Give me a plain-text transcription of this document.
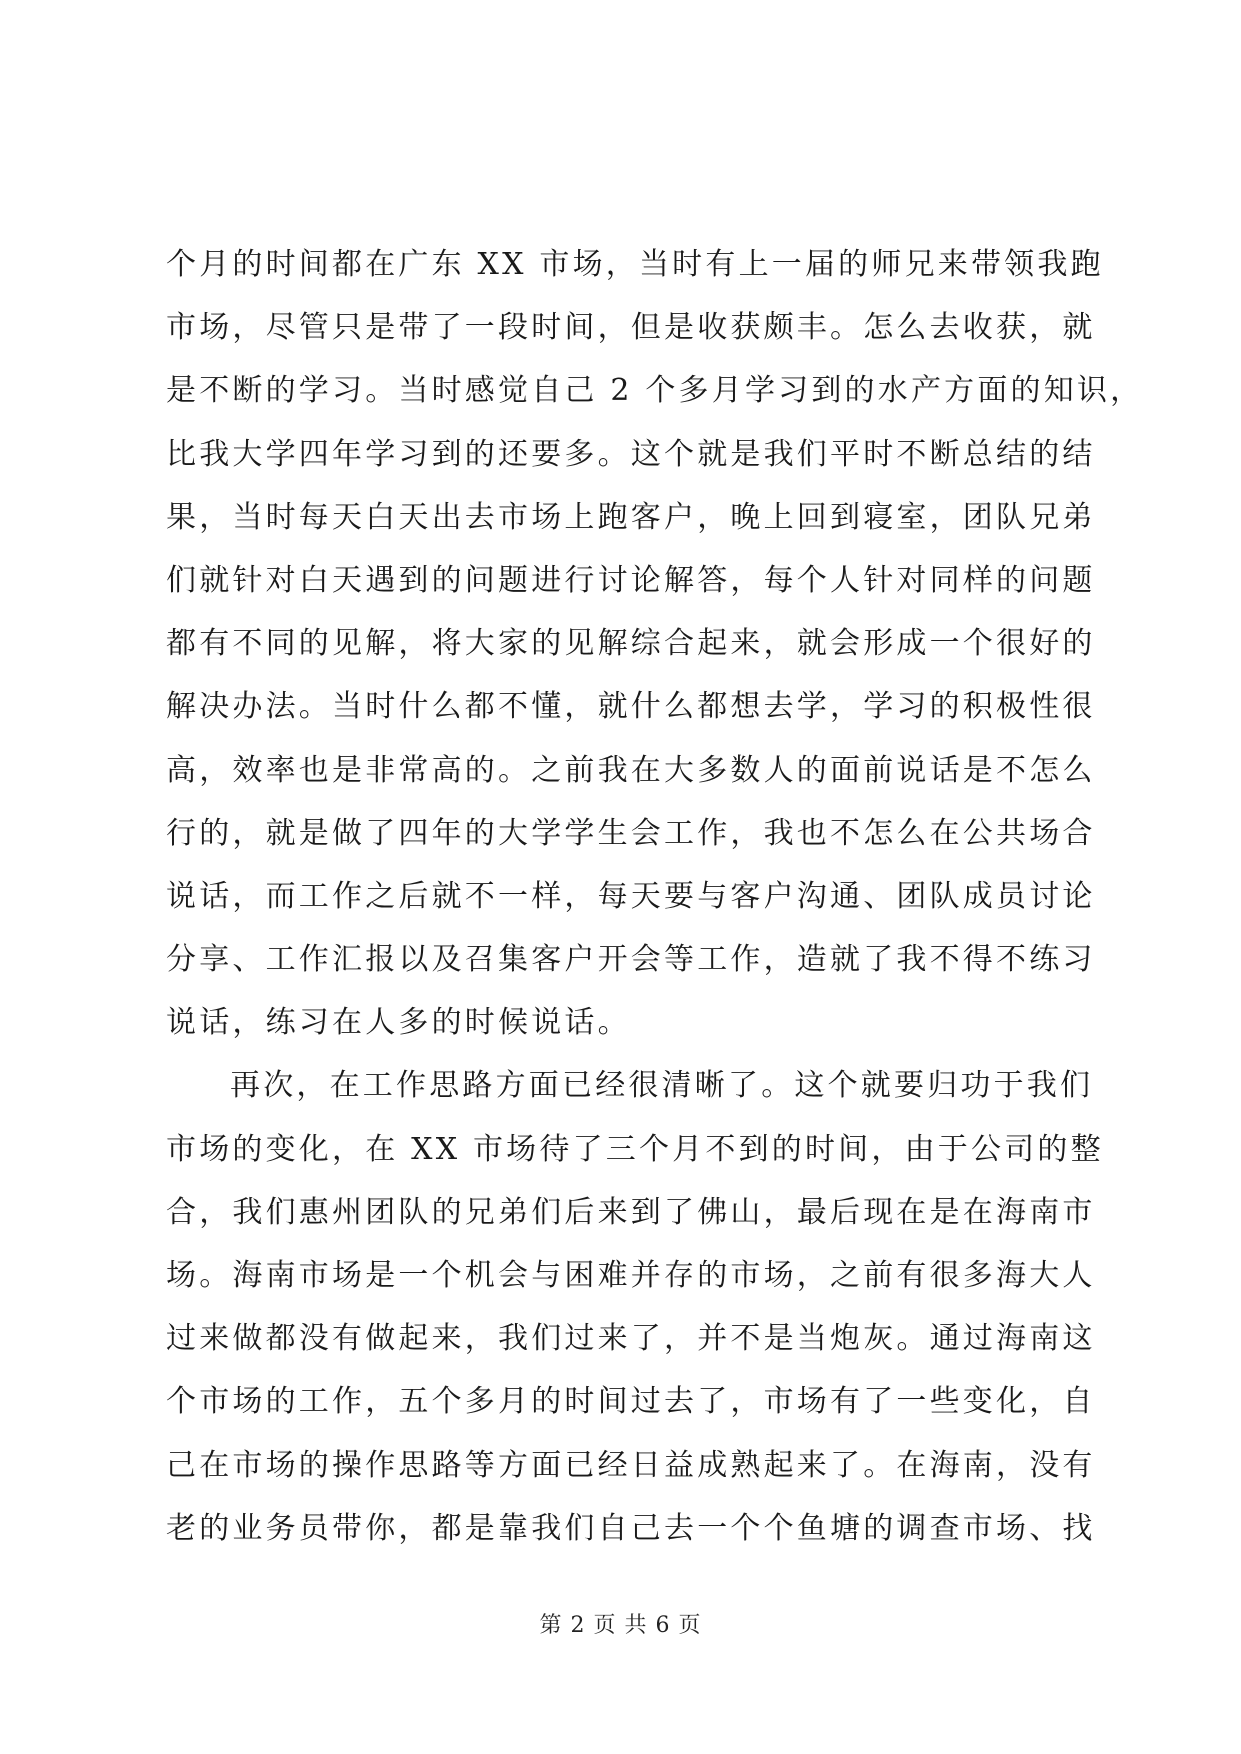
个月的时间都在广东 XX 市场，当时有上一届的师兄来带领我跑
市场，尽管只是带了一段时间，但是收获颇丰。怎么去收获，就
是不断的学习。当时感觉自己 2 个多月学习到的水产方面的知识，
比我大学四年学习到的还要多。这个就是我们平时不断总结的结
果，当时每天白天出去市场上跑客户，晚上回到寝室，团队兄弟
们就针对白天遇到的问题进行讨论解答，每个人针对同样的问题
都有不同的见解，将大家的见解综合起来，就会形成一个很好的
解决办法。当时什么都不懂，就什么都想去学，学习的积极性很
高，效率也是非常高的。之前我在大多数人的面前说话是不怎么
行的，就是做了四年的大学学生会工作，我也不怎么在公共场合
说话，而工作之后就不一样，每天要与客户沟通、团队成员讨论
分享、工作汇报以及召集客户开会等工作，造就了我不得不练习
说话，练习在人多的时候说话。
再次，在工作思路方面已经很清晰了。这个就要归功于我们
市场的变化，在 XX 市场待了三个月不到的时间，由于公司的整
合，我们惠州团队的兄弟们后来到了佛山，最后现在是在海南市
场。海南市场是一个机会与困难并存的市场，之前有很多海大人
过来做都没有做起来，我们过来了，并不是当炮灰。通过海南这
个市场的工作，五个多月的时间过去了，市场有了一些变化，自
己在市场的操作思路等方面已经日益成熟起来了。在海南，没有
老的业务员带你，都是靠我们自己去一个个鱼塘的调查市场、找
第 2 页 共 6 页
